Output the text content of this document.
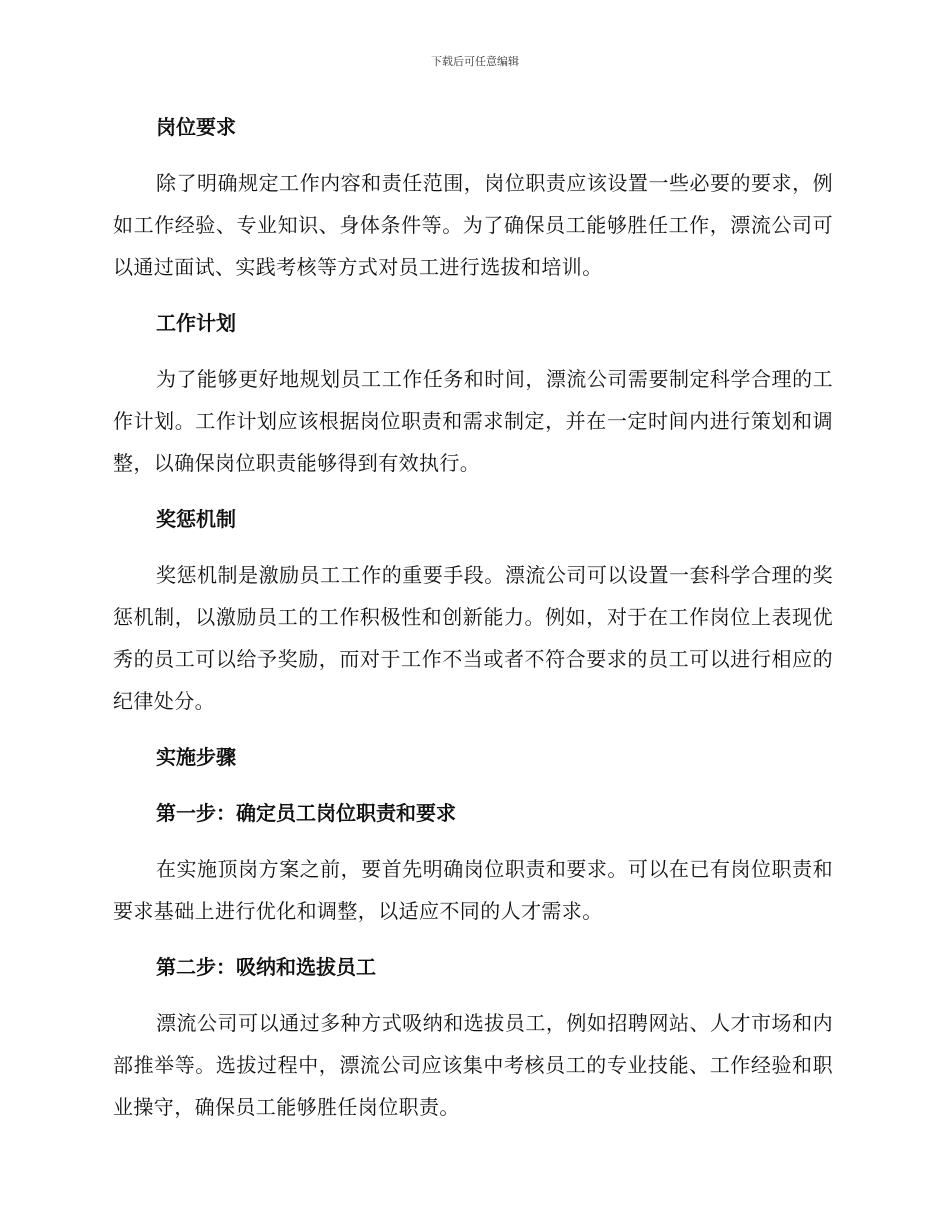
下载后可任意编辑
岗位要求

除了明确规定工作内容和责任范围，岗位职责应该设置一些必要的要求，例如工作经验、专业知识、身体条件等。为了确保员工能够胜任工作，漂流公司可以通过面试、实践考核等方式对员工进行选拔和培训。

工作计划

为了能够更好地规划员工工作任务和时间，漂流公司需要制定科学合理的工作计划。工作计划应该根据岗位职责和需求制定，并在一定时间内进行策划和调整，以确保岗位职责能够得到有效执行。

奖惩机制

奖惩机制是激励员工工作的重要手段。漂流公司可以设置一套科学合理的奖惩机制，以激励员工的工作积极性和创新能力。例如，对于在工作岗位上表现优秀的员工可以给予奖励，而对于工作不当或者不符合要求的员工可以进行相应的纪律处分。

实施步骤
第一步：确定员工岗位职责和要求

在实施顶岗方案之前，要首先明确岗位职责和要求。可以在已有岗位职责和要求基础上进行优化和调整，以适应不同的人才需求。

第二步：吸纳和选拔员工

漂流公司可以通过多种方式吸纳和选拔员工，例如招聘网站、人才市场和内部推举等。选拔过程中，漂流公司应该集中考核员工的专业技能、工作经验和职业操守，确保员工能够胜任岗位职责。
